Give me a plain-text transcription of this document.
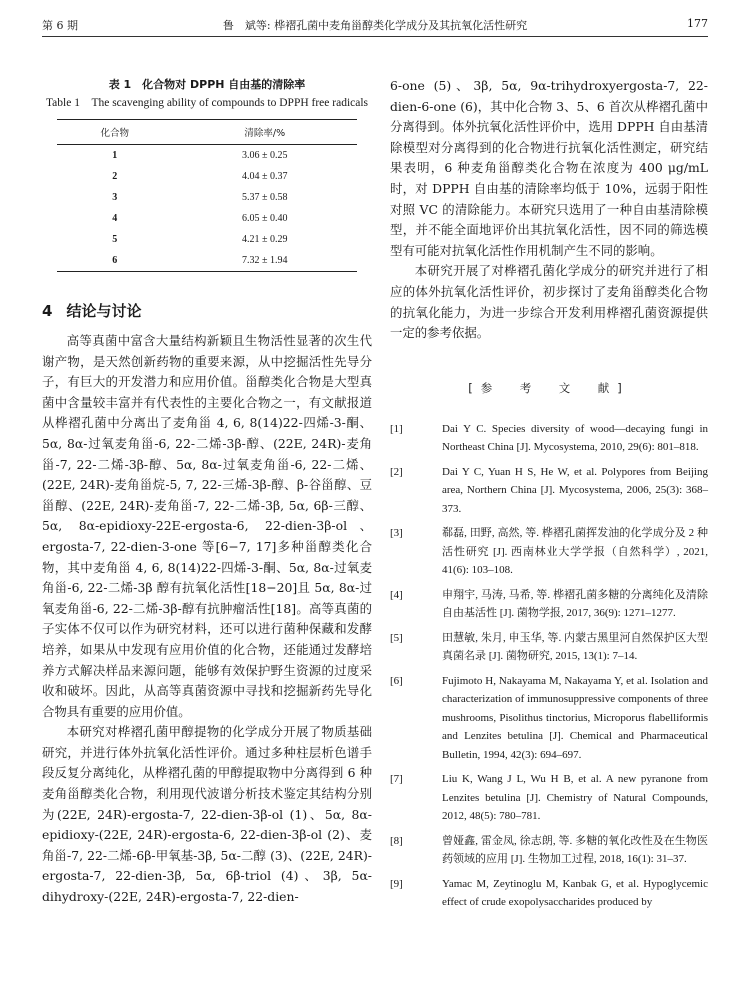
第 6 期	鲁　斌等: 桦褶孔菌中麦角甾醇类化学成分及其抗氧化活性研究	177
表 1　化合物对 DPPH 自由基的清除率
Table 1　The scavenging ability of compounds to DPPH free radicals
化合物	清除率/%
1	3.06 ± 0.25
2	4.04 ± 0.37
3	5.37 ± 0.58
4	6.05 ± 0.40
5	4.21 ± 0.29
6	7.32 ± 1.94
4 结论与讨论

高等真菌中富含大量结构新颖且生物活性显著的次生代谢产物，是天然创新药物的重要来源，从中挖掘活性先导分子，有巨大的开发潜力和应用价值。甾醇类化合物是大型真菌中含量较丰富并有代表性的主要化合物之一，有文献报道从桦褶孔菌中分离出了麦角甾 4, 6, 8(14)22-四烯-3-酮、5α, 8α-过氧麦角甾-6, 22-二烯-3β-醇、(22E, 24R)-麦角甾-7, 22-二烯-3β-醇、5α, 8α-过氧麦角甾-6, 22-二烯、(22E, 24R)-麦角甾烷-5, 7, 22-三烯-3β-醇、β-谷甾醇、豆甾醇、(22E, 24R)-麦角甾-7, 22-二烯-3β, 5α, 6β-三醇、5α, 8α-epidioxy-22E-ergosta-6, 22-dien-3β-ol、ergosta-7, 22-dien-3-one 等[6−7, 17]多种甾醇类化合物，其中麦角甾 4, 6, 8(14)22-四烯-3-酮、5α, 8α-过氧麦角甾-6, 22-二烯-3β 醇有抗氧化活性[18−20]且 5α, 8α-过氧麦角甾-6, 22-二烯-3β-醇有抗肿瘤活性[18]。高等真菌的子实体不仅可以作为研究材料，还可以进行菌种保藏和发酵培养，如果从中发现有应用价值的化合物，还能通过发酵培养方式解决样品来源问题，能够有效保护野生资源的过度采收和破坏。因此，从高等真菌资源中寻找和挖掘新药先导化合物具有重要的应用价值。

本研究对桦褶孔菌甲醇提物的化学成分开展了物质基础研究，并进行体外抗氧化活性评价。通过多种柱层析色谱手段反复分离纯化，从桦褶孔菌的甲醇提取物中分离得到 6 种麦角甾醇类化合物，利用现代波谱分析技术鉴定其结构分别为(22E, 24R)-ergosta-7, 22-dien-3β-ol (1)、5α, 8α-epidioxy-(22E, 24R)-ergosta-6, 22-dien-3β-ol (2)、麦角甾-7, 22-二烯-6β-甲氧基-3β, 5α-二醇 (3)、(22E, 24R)-ergosta-7, 22-dien-3β, 5α, 6β-triol (4)、3β, 5α-dihydroxy-(22E, 24R)-ergosta-7, 22-dien-

6-one (5)、3β, 5α, 9α-trihydroxyergosta-7, 22-dien-6-one (6)，其中化合物 3、5、6 首次从桦褶孔菌中分离得到。体外抗氧化活性评价中，选用 DPPH 自由基清除模型对分离得到的化合物进行抗氧化活性测定，研究结果表明，6 种麦角甾醇类化合物在浓度为 400 μg/mL 时，对 DPPH 自由基的清除率均低于 10%，远弱于阳性对照 VC 的清除能力。本研究只选用了一种自由基清除模型，并不能全面地评价出其抗氧化活性，因不同的筛选模型有可能对抗氧化活性作用机制产生不同的影响。

本研究开展了对桦褶孔菌化学成分的研究并进行了相应的体外抗氧化活性评价，初步探讨了麦角甾醇类化合物的抗氧化能力，为进一步综合开发利用桦褶孔菌资源提供一定的参考依据。

[参　考　文　献]
[1]	Dai Y C. Species diversity of wood—decaying fungi in Northeast China [J]. Mycosystema, 2010, 29(6): 801–818.
[2]	Dai Y C, Yuan H S, He W, et al. Polypores from Beijing area, Northern China [J]. Mycosystema, 2006, 25(3): 368–373.
[3]	郗磊, 田野, 高然, 等. 桦褶孔菌挥发油的化学成分及 2 种活性研究 [J]. 西南林业大学学报（自然科学）, 2021, 41(6): 103–108.
[4]	申翔宇, 马涛, 马希, 等. 桦褶孔菌多糖的分离纯化及清除自由基活性 [J]. 菌物学报, 2017, 36(9): 1271–1277.
[5]	田慧敏, 朱月, 申玉华, 等. 内蒙古黑里河自然保护区大型真菌名录 [J]. 菌物研究, 2015, 13(1): 7–14.
[6]	Fujimoto H, Nakayama M, Nakayama Y, et al. Isolation and characterization of immunosuppressive components of three mushrooms, Pisolithus tinctorius, Microporus flabelliformis and Lenzites betulina [J]. Chemical and Pharmaceutical Bulletin, 1994, 42(3): 694–697.
[7]	Liu K, Wang J L, Wu H B, et al. A new pyranone from Lenzites betulina [J]. Chemistry of Natural Compounds, 2012, 48(5): 780–781.
[8]	曾娅鑫, 雷金凤, 徐志朗, 等. 多糖的氧化改性及在生物医药领域的应用 [J]. 生物加工过程, 2018, 16(1): 31–37.
[9]	Yamac M, Zeytinoglu M, Kanbak G, et al. Hypoglycemic effect of crude exopolysaccharides produced by
